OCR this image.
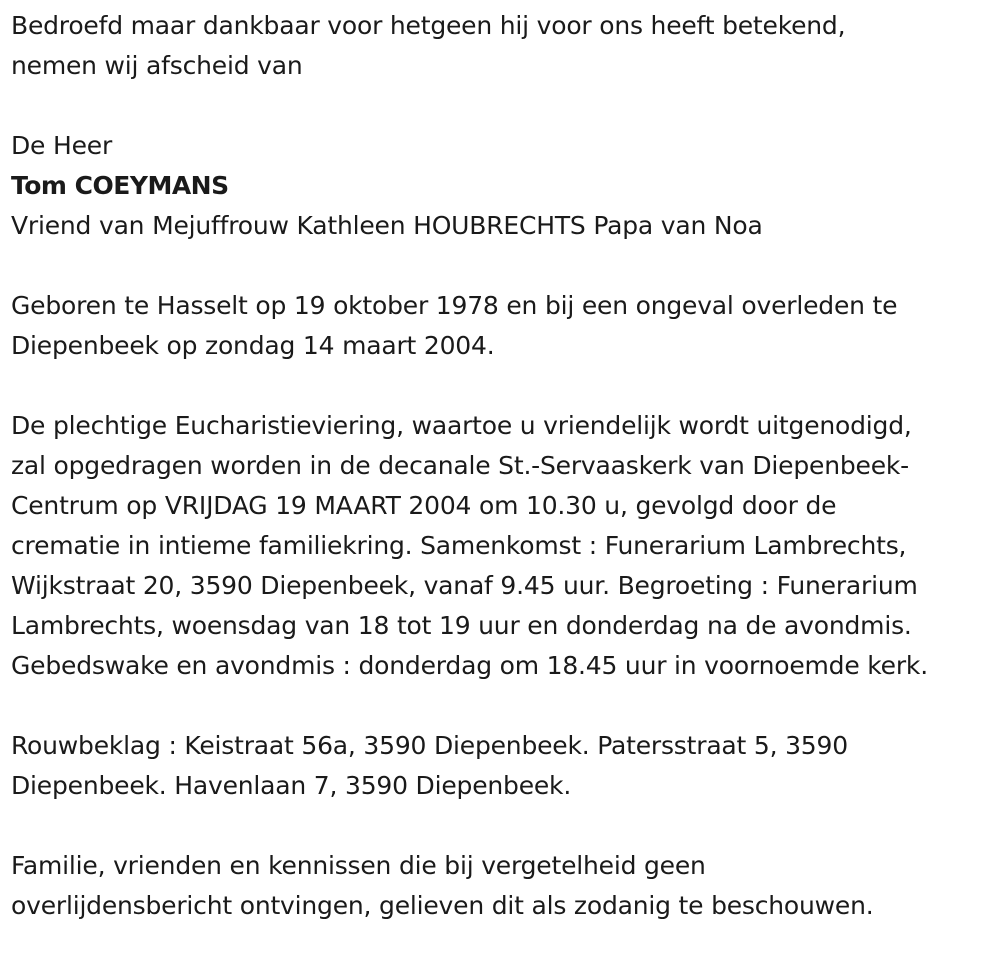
Bedroefd maar dankbaar voor hetgeen hij voor ons heeft betekend,
nemen wij afscheid van

De Heer

Tom COEYMANS

Vriend van Mejuffrouw Kathleen HOUBRECHTS Papa van Noa

Geboren te Hasselt op 19 oktober 1978 en bij een ongeval overleden te
Diepenbeek op zondag 14 maart 2004.

De plechtige Eucharistieviering, waartoe u vriendelijk wordt uitgenodigd,
zal opgedragen worden in de decanale St.-Servaaskerk van Diepenbeek-
Centrum op VRIJDAG 19 MAART 2004 om 10.30 u, gevolgd door de
crematie in intieme familiekring. Samenkomst : Funerarium Lambrechts,
Wijkstraat 20, 3590 Diepenbeek, vanaf 9.45 uur. Begroeting : Funerarium
Lambrechts, woensdag van 18 tot 19 uur en donderdag na de avondmis.
Gebedswake en avondmis : donderdag om 18.45 uur in voornoemde kerk.

Rouwbeklag : Keistraat 56a, 3590 Diepenbeek. Patersstraat 5, 3590
Diepenbeek. Havenlaan 7, 3590 Diepenbeek.

Familie, vrienden en kennissen die bij vergetelheid geen
overlijdensbericht ontvingen, gelieven dit als zodanig te beschouwen.
